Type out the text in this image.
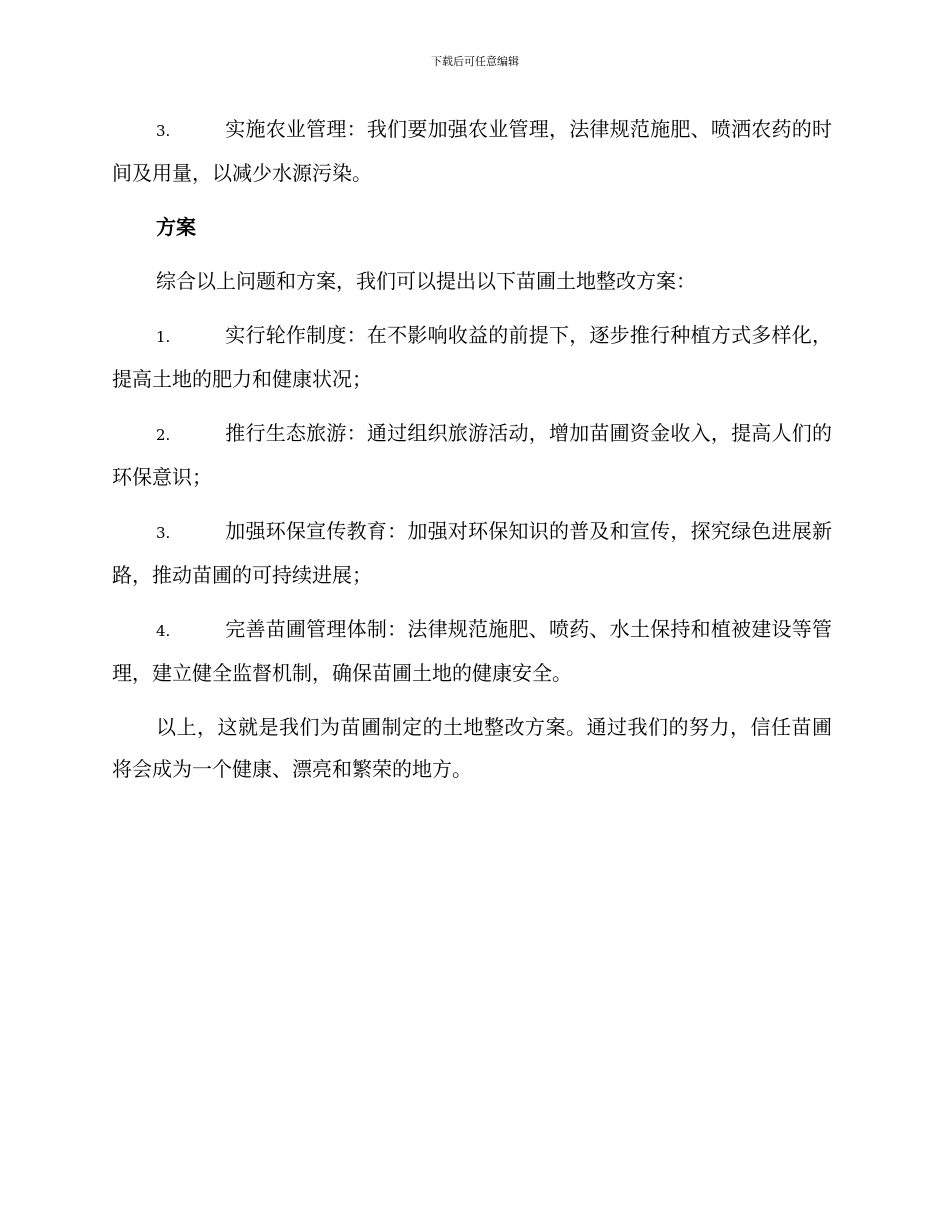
下载后可任意编辑

3.	实施农业管理：我们要加强农业管理，法律规范施肥、喷洒农药的时间及用量，以减少水源污染。

方案

综合以上问题和方案，我们可以提出以下苗圃土地整改方案：

1.	实行轮作制度：在不影响收益的前提下，逐步推行种植方式多样化，提高土地的肥力和健康状况；

2.	推行生态旅游：通过组织旅游活动，增加苗圃资金收入，提高人们的环保意识；

3.	加强环保宣传教育：加强对环保知识的普及和宣传，探究绿色进展新路，推动苗圃的可持续进展；

4.	完善苗圃管理体制：法律规范施肥、喷药、水土保持和植被建设等管理，建立健全监督机制，确保苗圃土地的健康安全。

以上，这就是我们为苗圃制定的土地整改方案。通过我们的努力，信任苗圃将会成为一个健康、漂亮和繁荣的地方。
